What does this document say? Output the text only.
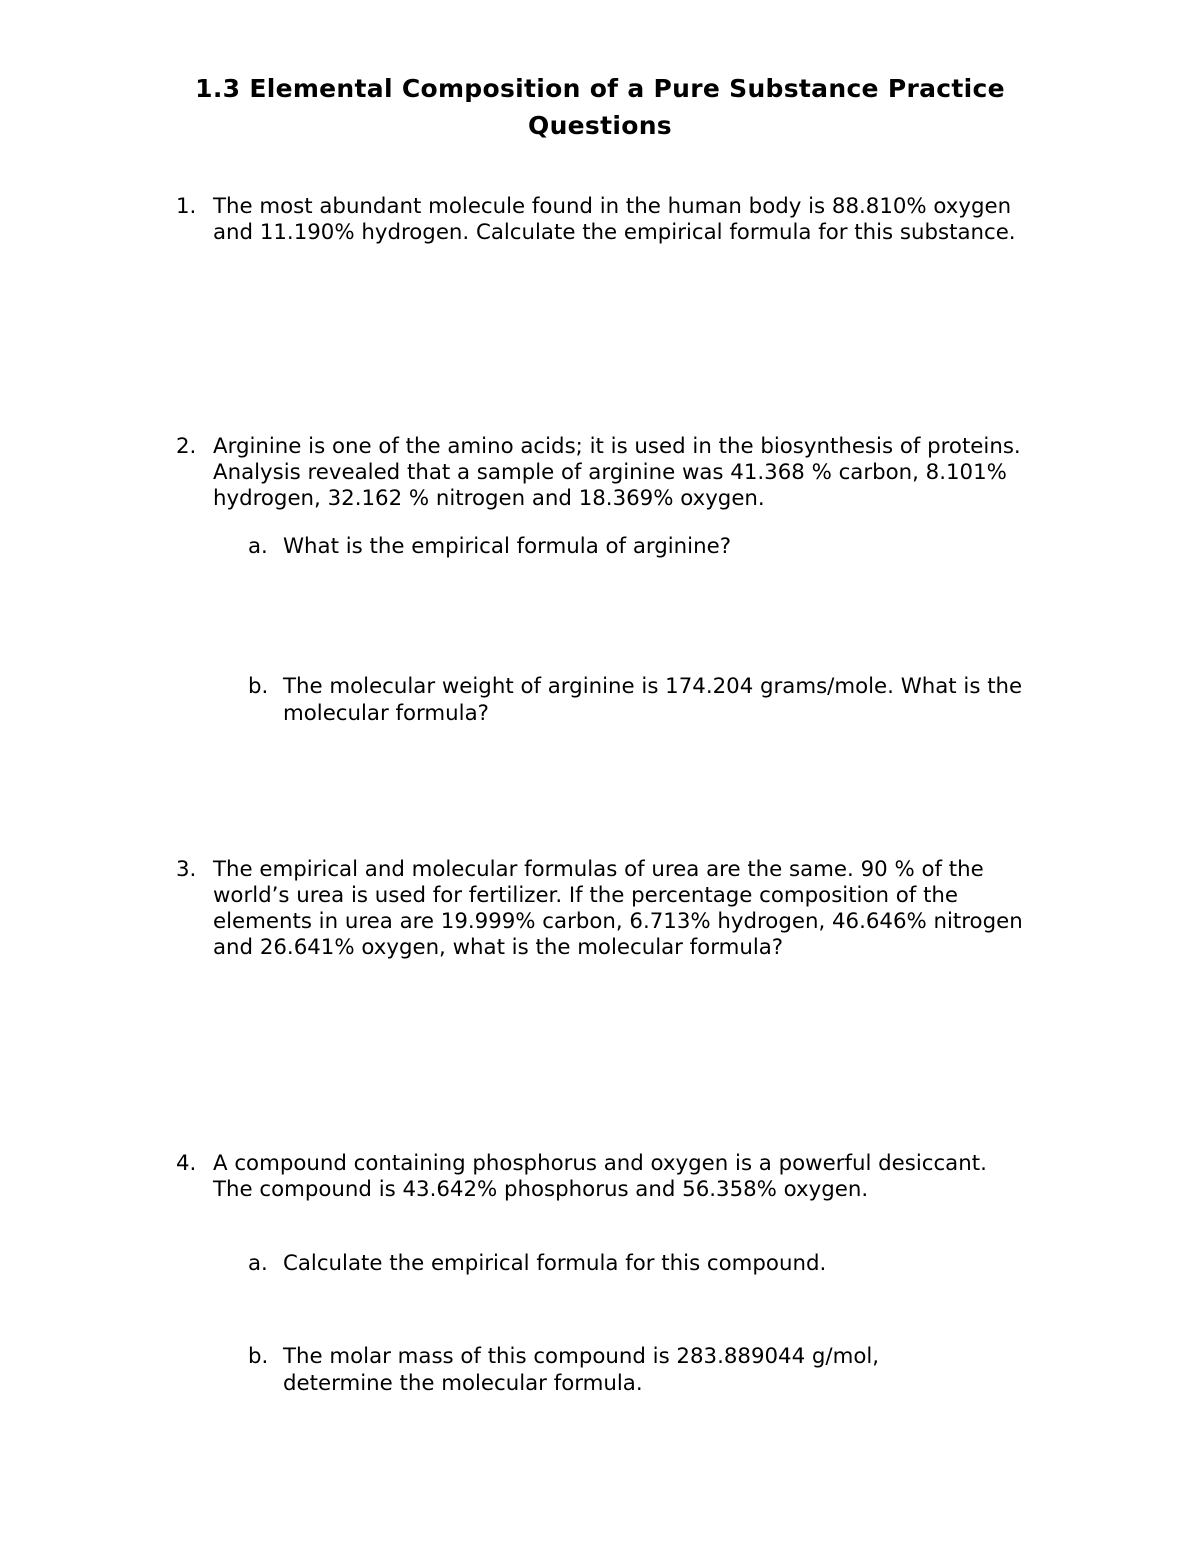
1.3 Elemental Composition of a Pure Substance Practice Questions
1. The most abundant molecule found in the human body is 88.810% oxygen and 11.190% hydrogen. Calculate the empirical formula for this substance.
2. Arginine is one of the amino acids; it is used in the biosynthesis of proteins. Analysis revealed that a sample of arginine was 41.368 % carbon, 8.101% hydrogen, 32.162 % nitrogen and 18.369% oxygen.
a. What is the empirical formula of arginine?
b. The molecular weight of arginine is 174.204 grams/mole. What is the molecular formula?
3. The empirical and molecular formulas of urea are the same. 90 % of the world’s urea is used for fertilizer. If the percentage composition of the elements in urea are 19.999% carbon, 6.713% hydrogen, 46.646% nitrogen and 26.641% oxygen, what is the molecular formula?
4. A compound containing phosphorus and oxygen is a powerful desiccant. The compound is 43.642% phosphorus and 56.358% oxygen.
a. Calculate the empirical formula for this compound.
b. The molar mass of this compound is 283.889044 g/mol, determine the molecular formula.
